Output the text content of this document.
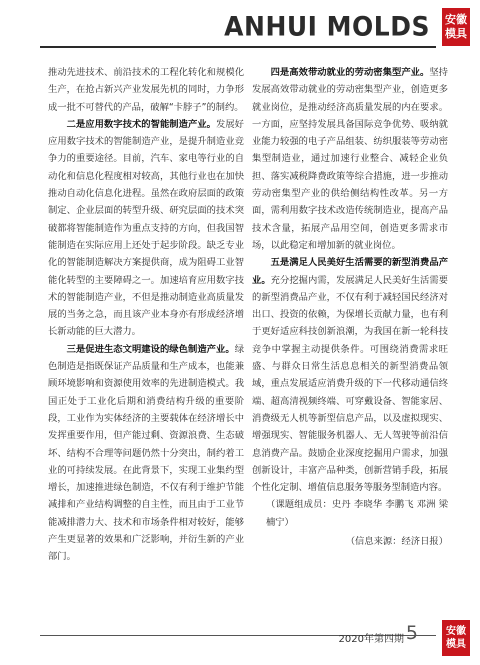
ANHUI MOLDS 安徽
模具

推动先进技术、前沿技术的工程化转化和规模化生产，在抢占新兴产业发展先机的同时，力争形成一批不可替代的产品，破解“卡脖子”的制约。

二是应用数字技术的智能制造产业。发展好应用数字技术的智能制造产业，是提升制造业竞争力的重要途径。目前，汽车、家电等行业的自动化和信息化程度相对较高，其他行业也在加快推动自动化信息化进程。虽然在政府层面的政策制定、企业层面的转型升级、研究层面的技术突破都将智能制造作为重点支持的方向，但我国智能制造在实际应用上还处于起步阶段。缺乏专业化的智能制造解决方案提供商，成为阻碍工业智能化转型的主要障碍之一。加速培育应用数字技术的智能制造产业，不但是推动制造业高质量发展的当务之急，而且该产业本身亦有形成经济增长新动能的巨大潜力。

三是促进生态文明建设的绿色制造产业。绿色制造是指既保证产品质量和生产成本，也能兼顾环境影响和资源使用效率的先进制造模式。我国正处于工业化后期和消费结构升级的重要阶段，工业作为实体经济的主要载体在经济增长中发挥重要作用，但产能过剩、资源浪费、生态破坏、结构不合理等问题仍然十分突出，制约着工业的可持续发展。在此背景下，实现工业集约型增长，加速推进绿色制造，不仅有利于维护节能减排和产业结构调整的自主性，而且由于工业节能减排潜力大、技术和市场条件相对较好，能够产生更显著的效果和广泛影响，并衍生新的产业部门。

四是高效带动就业的劳动密集型产业。坚持发展高效带动就业的劳动密集型产业，创造更多就业岗位，是推动经济高质量发展的内在要求。一方面，应坚持发展具备国际竞争优势、吸纳就业能力较强的电子产品组装、纺织服装等劳动密集型制造业，通过加速行业整合、减轻企业负担、落实减税降费政策等综合措施，进一步推动劳动密集型产业的供给侧结构性改革。另一方面，需利用数字技术改造传统制造业，提高产品技术含量，拓展产品用空间，创造更多需求市场，以此稳定和增加新的就业岗位。

五是满足人民美好生活需要的新型消费品产业。充分挖掘内需，发展满足人民美好生活需要的新型消费品产业，不仅有利于减轻国民经济对出口、投资的依赖，为保增长贡献力量，也有利于更好适应科技创新浪潮，为我国在新一轮科技竞争中掌握主动提供条件。可围绕消费需求旺盛、与群众日常生活息息相关的新型消费品领域，重点发展适应消费升级的下一代移动通信终端、超高清视频终端、可穿戴设备、智能家居、消费级无人机等新型信息产品，以及虚拟现实、增强现实、智能服务机器人、无人驾驶等前沿信息消费产品。鼓励企业深度挖掘用户需求，加强创新设计，丰富产品种类，创新营销手段，拓展个性化定制、增值信息服务等服务型制造内容。

（课题组成员：史丹 李晓华 李鹏飞 邓洲 梁楠宁）

（信息来源：经济日报）

2020年第四期 5	安徽
模具
